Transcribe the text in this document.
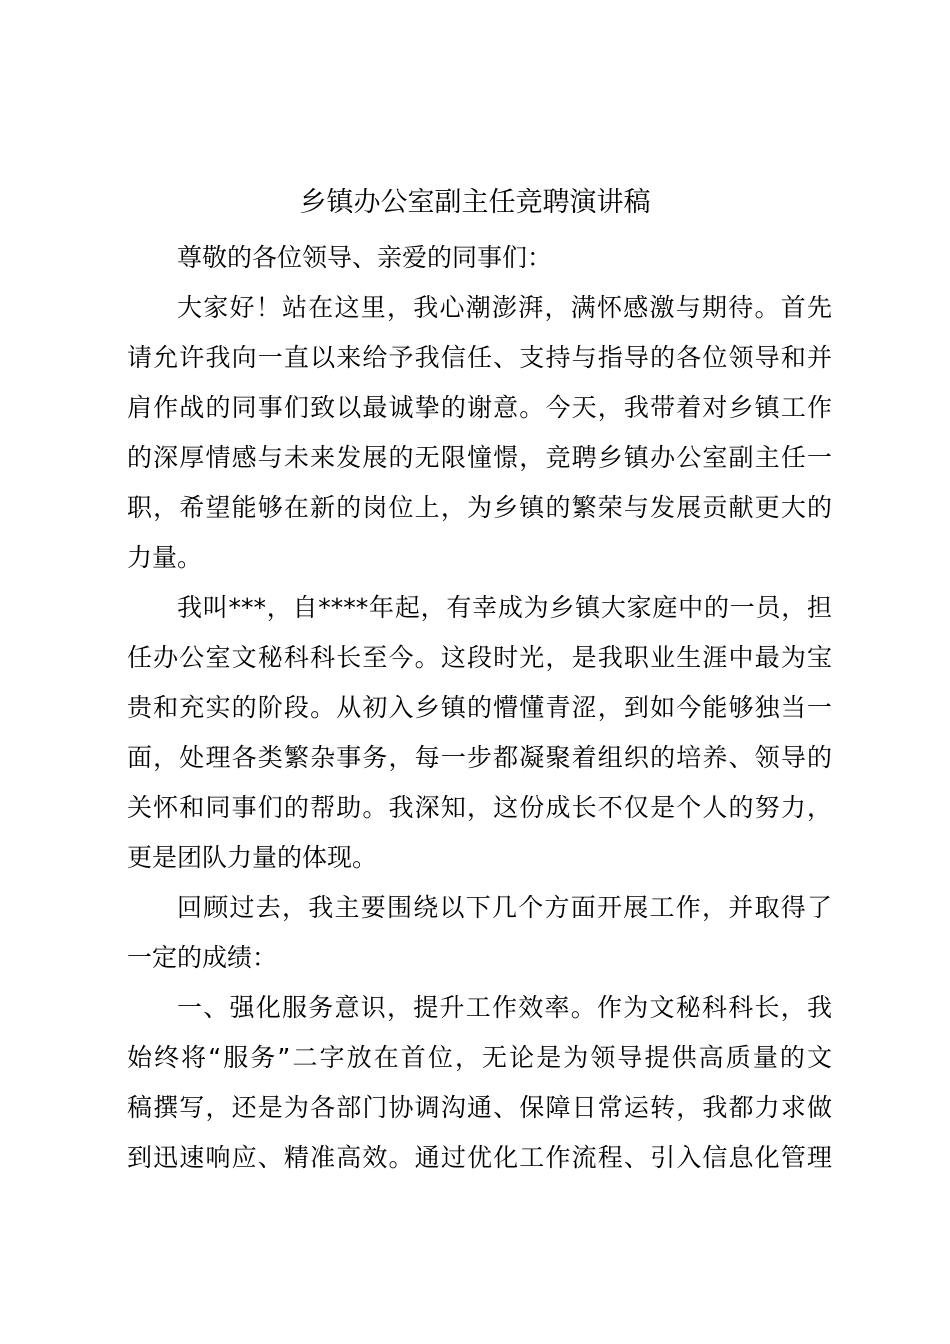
乡镇办公室副主任竞聘演讲稿

尊敬的各位领导、亲爱的同事们：

大家好！站在这里，我心潮澎湃，满怀感激与期待。首先
请允许我向一直以来给予我信任、支持与指导的各位领导和并
肩作战的同事们致以最诚挚的谢意。今天，我带着对乡镇工作
的深厚情感与未来发展的无限憧憬，竞聘乡镇办公室副主任一
职，希望能够在新的岗位上，为乡镇的繁荣与发展贡献更大的
力量。

我叫***，自****年起，有幸成为乡镇大家庭中的一员，担
任办公室文秘科科长至今。这段时光，是我职业生涯中最为宝
贵和充实的阶段。从初入乡镇的懵懂青涩，到如今能够独当一
面，处理各类繁杂事务，每一步都凝聚着组织的培养、领导的
关怀和同事们的帮助。我深知，这份成长不仅是个人的努力，
更是团队力量的体现。

回顾过去，我主要围绕以下几个方面开展工作，并取得了
一定的成绩：

一、强化服务意识，提升工作效率。作为文秘科科长，我
始终将“服务”二字放在首位，无论是为领导提供高质量的文
稿撰写，还是为各部门协调沟通、保障日常运转，我都力求做
到迅速响应、精准高效。通过优化工作流程、引入信息化管理
